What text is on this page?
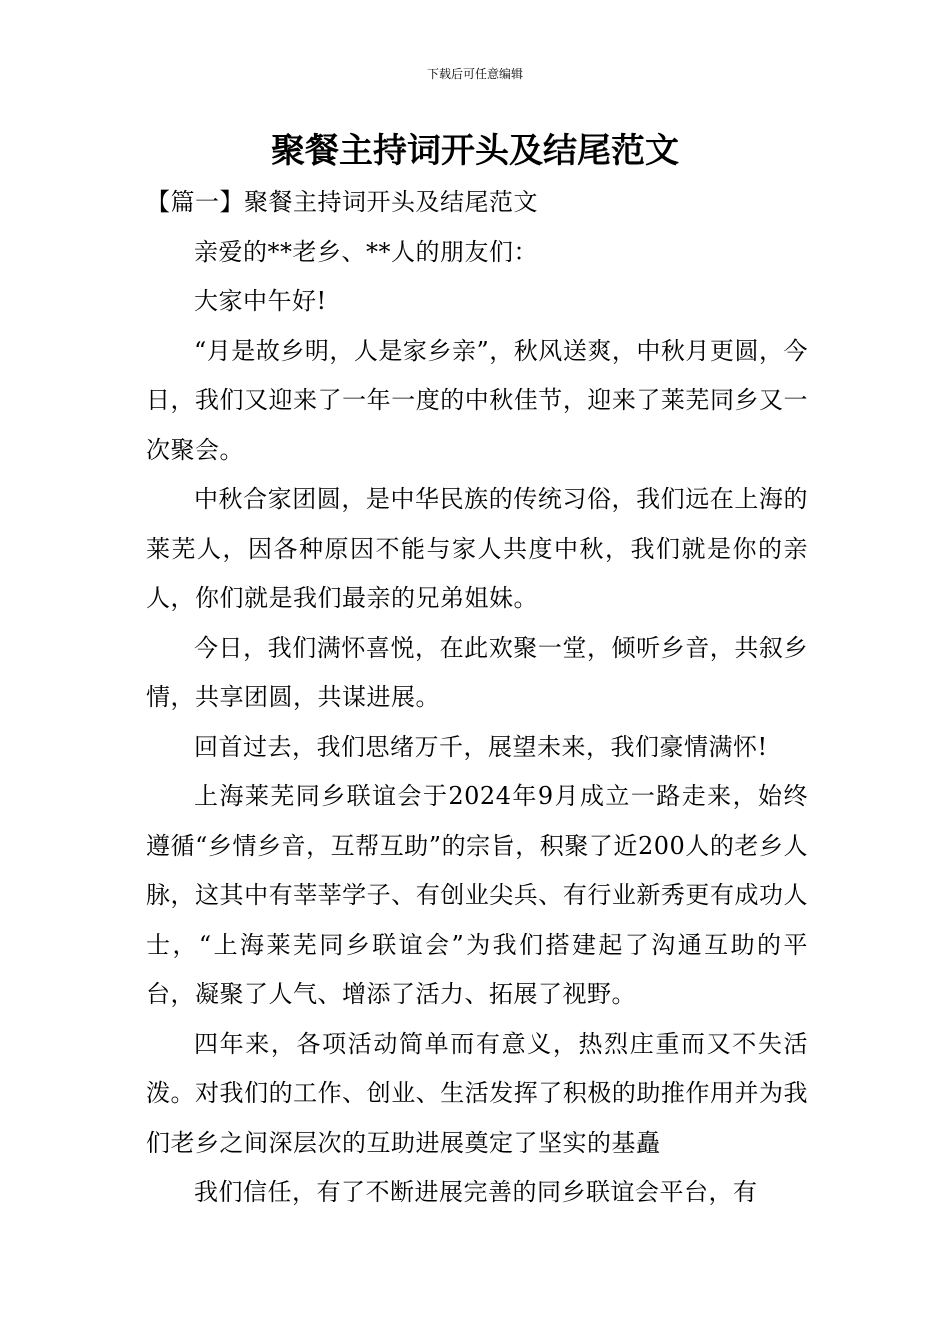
下载后可任意编辑
聚餐主持词开头及结尾范文

【篇一】聚餐主持词开头及结尾范文

亲爱的**老乡、**人的朋友们：

大家中午好!

“月是故乡明，人是家乡亲”，秋风送爽，中秋月更圆，今日，我们又迎来了一年一度的中秋佳节，迎来了莱芜同乡又一次聚会。

中秋合家团圆，是中华民族的传统习俗，我们远在上海的莱芜人，因各种原因不能与家人共度中秋，我们就是你的亲人，你们就是我们最亲的兄弟姐妹。

今日，我们满怀喜悦，在此欢聚一堂，倾听乡音，共叙乡情，共享团圆，共谋进展。

回首过去，我们思绪万千，展望未来，我们豪情满怀!

上海莱芜同乡联谊会于2024年9月成立一路走来，始终遵循“乡情乡音，互帮互助”的宗旨，积聚了近200人的老乡人脉，这其中有莘莘学子、有创业尖兵、有行业新秀更有成功人士，“上海莱芜同乡联谊会”为我们搭建起了沟通互助的平台，凝聚了人气、增添了活力、拓展了视野。

四年来，各项活动简单而有意义，热烈庄重而又不失活泼。对我们的工作、创业、生活发挥了积极的助推作用并为我们老乡之间深层次的互助进展奠定了坚实的基矗

我们信任，有了不断进展完善的同乡联谊会平台，有
